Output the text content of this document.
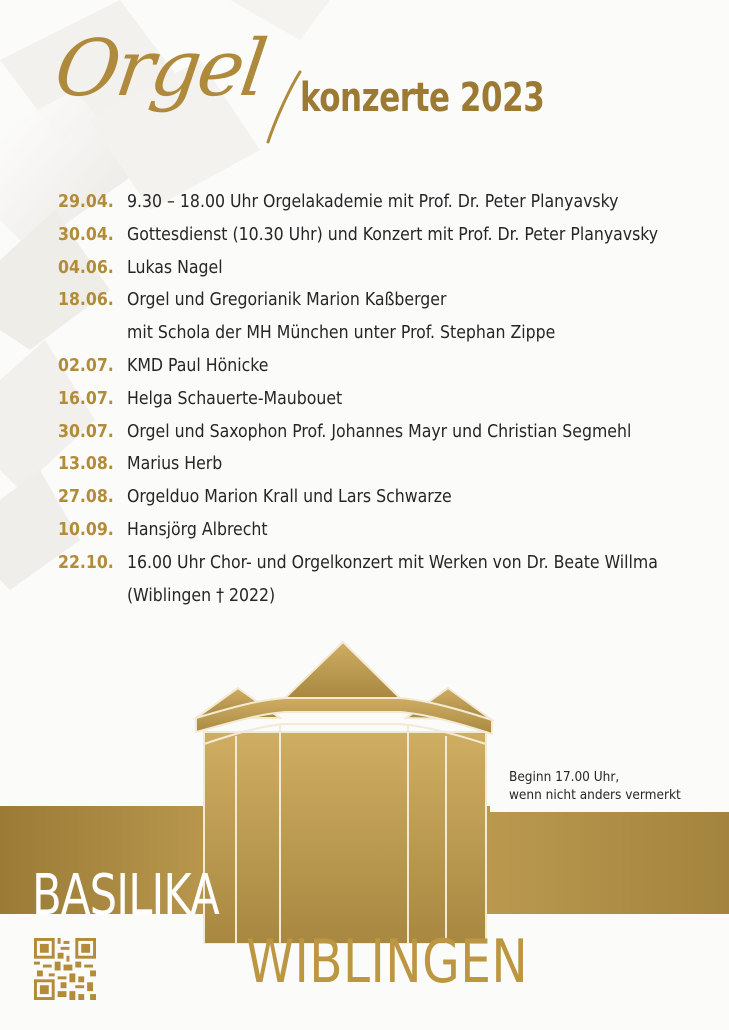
Orgel konzerte 2023
29.04. 9.30 – 18.00 Uhr Orgelakademie mit Prof. Dr. Peter Planyavsky
30.04. Gottesdienst (10.30 Uhr) und Konzert mit Prof. Dr. Peter Planyavsky
04.06. Lukas Nagel
18.06. Orgel und Gregorianik Marion Kaßberger
mit Schola der MH München unter Prof. Stephan Zippe
02.07. KMD Paul Hönicke
16.07. Helga Schauerte-Maubouet
30.07. Orgel und Saxophon Prof. Johannes Mayr und Christian Segmehl
13.08. Marius Herb
27.08. Orgelduo Marion Krall und Lars Schwarze
10.09. Hansjörg Albrecht
22.10. 16.00 Uhr Chor- und Orgelkonzert mit Werken von Dr. Beate Willma
(Wiblingen † 2022)
Beginn 17.00 Uhr,
wenn nicht anders vermerkt
BASILIKA
WIBLINGEN
